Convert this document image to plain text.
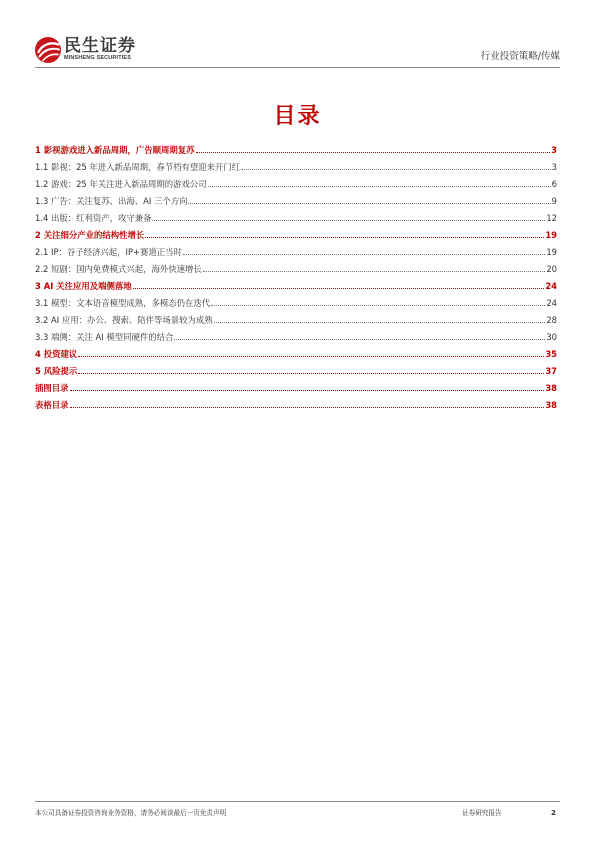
民生证券
MINSHENG SECURITIES	行业投资策略/传媒
目录
1 影视游戏进入新品周期，广告顺周期复苏	3
1.1 影视：25 年进入新品周期，春节档有望迎来开门红	3
1.2 游戏：25 年关注进入新品周期的游戏公司	6
1.3 广告：关注复苏、出海、AI 三个方向	9
1.4 出版：红利资产，攻守兼备	12
2 关注细分产业的结构性增长	19
2.1 IP：谷子经济兴起，IP+赛道正当时	19
2.2 短剧：国内免费模式兴起，海外快速增长	20
3 AI 关注应用及端侧落地	24
3.1 模型：文本语音模型成熟，多模态仍在迭代	24
3.2 AI 应用：办公、搜索、陪伴等场景较为成熟	28
3.3 端侧：关注 AI 模型同硬件的结合	30
4 投资建议	35
5 风险提示	37
插图目录	38
表格目录	38
本公司具备证券投资咨询业务资格，请务必阅读最后一页免责声明	证券研究报告	2
